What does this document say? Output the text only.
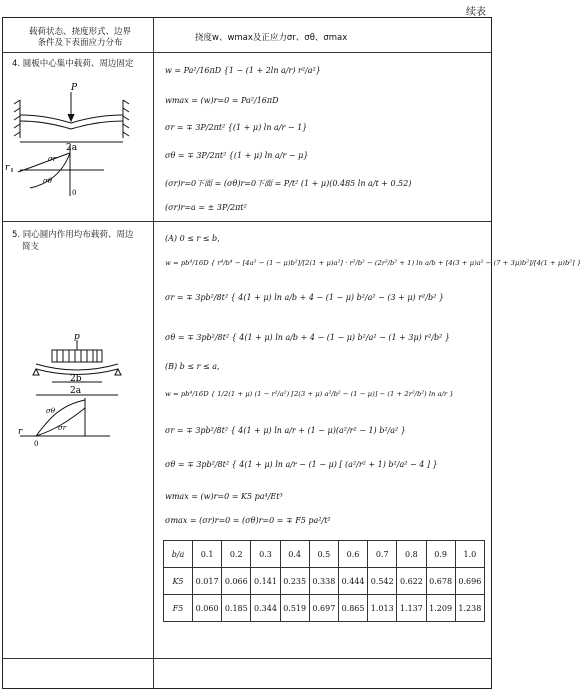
续表
载荷状态、挠度形式、边界
条件及下表面应力分布	挠度w、wmax及正应力σr、σθ、σmax
4. 圆板中心集中载荷、周边固定
P
2a
r
σr
σθ
0
w = Pa²/16πD {1 − (1 + 2ln a/r) r²/a²}
wmax = (w)r=0 = Pa²/16πD
σr = ∓ 3P/2πt² {(1 + μ) ln a/r − 1}
σθ = ∓ 3P/2πt² {(1 + μ) ln a/r − μ}
(σr)r=0下面 = (σθ)r=0下面 = P/t² (1 + μ)(0.485 ln a/t + 0.52)
(σr)r=a = ± 3P/2πt²
5. 同心圆内作用均布载荷、周边
简支
p
2b
2a
r
σθ
σr
0
(A) 0 ≤ r ≤ b,
w = pb⁴/16D { r⁴/b⁴ − [4a² − (1 − μ)b²]/[2(1 + μ)a²] · r²/b² − (2r²/b² + 1) ln a/b + [4(3 + μ)a² − (7 + 3μ)b²]/[4(1 + μ)b²] }
σr = ∓ 3pb²/8t² { 4(1 + μ) ln a/b + 4 − (1 − μ) b²/a² − (3 + μ) r²/b² }
σθ = ∓ 3pb²/8t² { 4(1 + μ) ln a/b + 4 − (1 − μ) b²/a² − (1 + 3μ) r²/b² }
(B) b ≤ r ≤ a,
w = pb⁴/16D { 1/2(1 + μ) (1 − r²/a²) [2(3 + μ) a²/b² − (1 − μ)] − (1 + 2r²/b²) ln a/r }
σr = ∓ 3pb²/8t² { 4(1 + μ) ln a/r + (1 − μ)(a²/r² − 1) b²/a² }
σθ = ∓ 3pb²/8t² { 4(1 + μ) ln a/r − (1 − μ) [ (a²/r² + 1) b²/a² − 4 ] }
wmax = (w)r=0 = K5 pa⁴/Et³
σmax = (σr)r=0 = (σθ)r=0 = ∓ F5 pa²/t²
b/a	0.1	0.2	0.3	0.4	0.5	0.6	0.7	0.8	0.9	1.0
K5	0.017	0.066	0.141	0.235	0.338	0.444	0.542	0.622	0.678	0.696
F5	0.060	0.185	0.344	0.519	0.697	0.865	1.013	1.137	1.209	1.238
